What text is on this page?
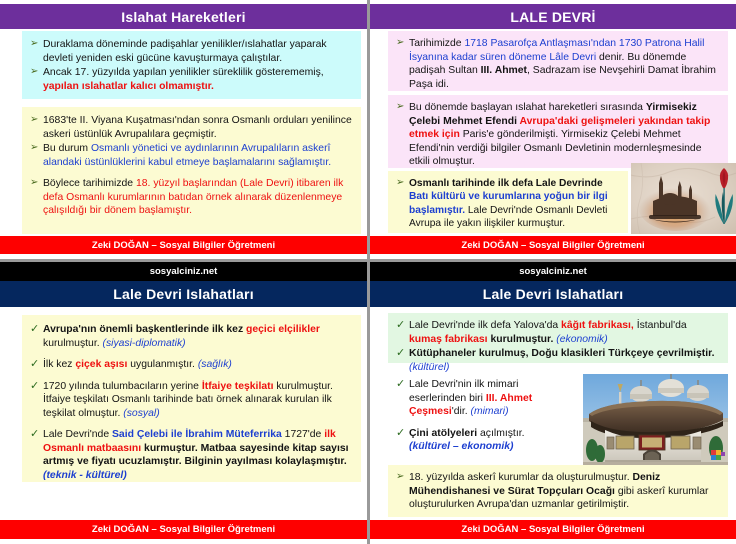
Islahat Hareketleri
➢ Duraklama döneminde padişahlar yenilikler/ıslahatlar yaparak devleti yeniden eski gücüne kavuşturmaya çalıştılar.
➢ Ancak 17. yüzyılda yapılan yenilikler süreklilik gösterememiş, yapılan ıslahatlar kalıcı olmamıştır.
➢ 1683'te II. Viyana Kuşatması'ndan sonra Osmanlı orduları yenilince askeri üstünlük Avrupalılara geçmiştir.
➢ Bu durum Osmanlı yönetici ve aydınlarının Avrupalıların askerî alandaki üstünlüklerini kabul etmeye başlamalarını sağlamıştır.
➢ Böylece tarihimizde 18. yüzyıl başlarından (Lale Devri) itibaren ilk defa Osmanlı kurumlarının batıdan örnek alınarak düzenlenmeye çalışıldığı bir dönem başlamıştır.
Zeki DOĞAN – Sosyal Bilgiler Öğretmeni
LALE DEVRİ
➢ Tarihimizde 1718 Pasarofça Antlaşması'ndan 1730 Patrona Halil İsyanına kadar süren döneme Lâle Devri denir. Bu dönemde padişah Sultan III. Ahmet, Sadrazam ise Nevşehirli Damat İbrahim Paşa idi.
➢ Bu dönemde başlayan ıslahat hareketleri sırasında Yirmisekiz Çelebi Mehmet Efendi Avrupa'daki gelişmeleri yakından takip etmek için Paris'e gönderilmişti. Yirmisekiz Çelebi Mehmet Efendi'nin verdiği bilgiler Osmanlı Devletinin modernleşmesinde etkili olmuştur.
➢ Osmanlı tarihinde ilk defa Lale Devrinde Batı kültürü ve kurumlarına yoğun bir ilgi başlamıştır. Lale Devri'nde Osmanlı Devleti Avrupa ile yakın ilişkiler kurmuştur.
Zeki DOĞAN – Sosyal Bilgiler Öğretmeni
sosyalciniz.net	sosyalciniz.net
Lale Devri Islahatları
✓ Avrupa'nın önemli başkentlerinde ilk kez geçici elçilikler kurulmuştur. (siyasi-diplomatik)
✓ İlk kez çiçek aşısı uygulanmıştır. (sağlık)
✓ 1720 yılında tulumbacıların yerine İtfaiye teşkilatı kurulmuştur. İtfaiye teşkilatı Osmanlı tarihinde batı örnek alınarak kurulan ilk teşkilat olmuştur. (sosyal)
✓ Lale Devri'nde Said Çelebi ile İbrahim Müteferrika 1727'de ilk Osmanlı matbaasını kurmuştur. Matbaa sayesinde kitap sayısı artmış ve fiyatı ucuzlamıştır. Bilginin yayılması kolaylaşmıştır. (teknik - kültürel)
Zeki DOĞAN – Sosyal Bilgiler Öğretmeni
Lale Devri Islahatları
✓ Lale Devri'nde ilk defa Yalova'da kâğıt fabrikası, İstanbul'da kumaş fabrikası kurulmuştur. (ekonomik)
✓ Kütüphaneler kurulmuş, Doğu klasikleri Türkçeye çevrilmiştir. (kültürel)
✓ Lale Devri'nin ilk mimari eserlerinden biri III. Ahmet Çeşmesi'dir. (mimari)
✓ Çini atölyeleri açılmıştır.
(kültürel – ekonomik)
➢ 18. yüzyılda askerî kurumlar da oluşturulmuştur. Deniz Mühendishanesi ve Sürat Topçuları Ocağı gibi askerî kurumlar oluşturulurken Avrupa'dan uzmanlar getirilmiştir.
Zeki DOĞAN – Sosyal Bilgiler Öğretmeni
